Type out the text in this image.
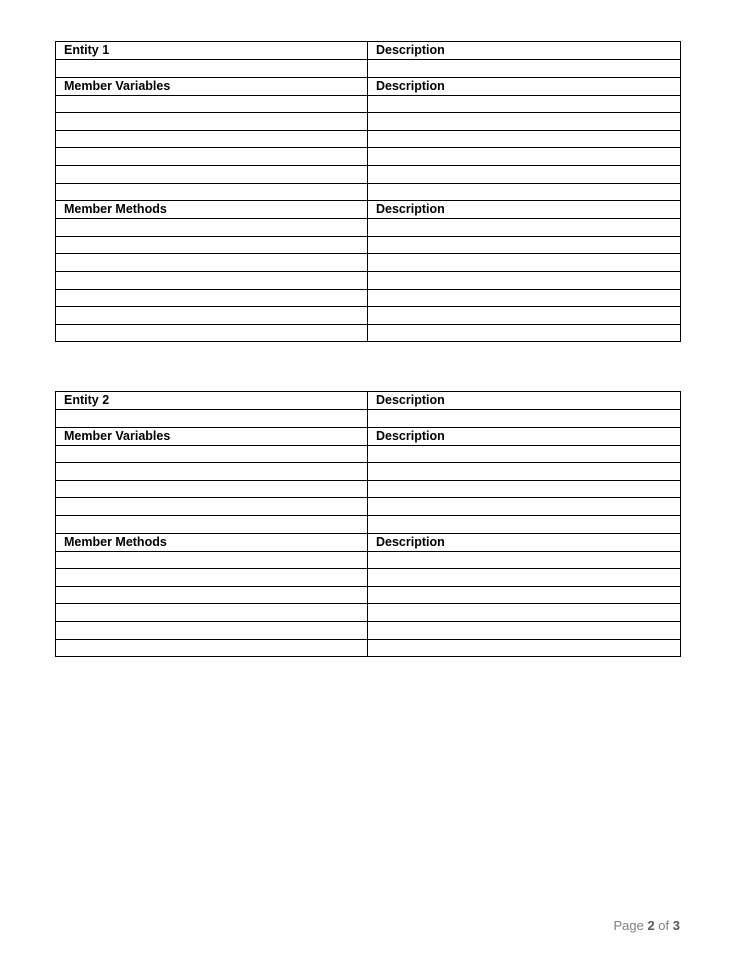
Entity 1	Description

Member Variables	Description

Member Methods	Description

Entity 2	Description

Member Variables	Description

Member Methods	Description

Page 2 of 3
